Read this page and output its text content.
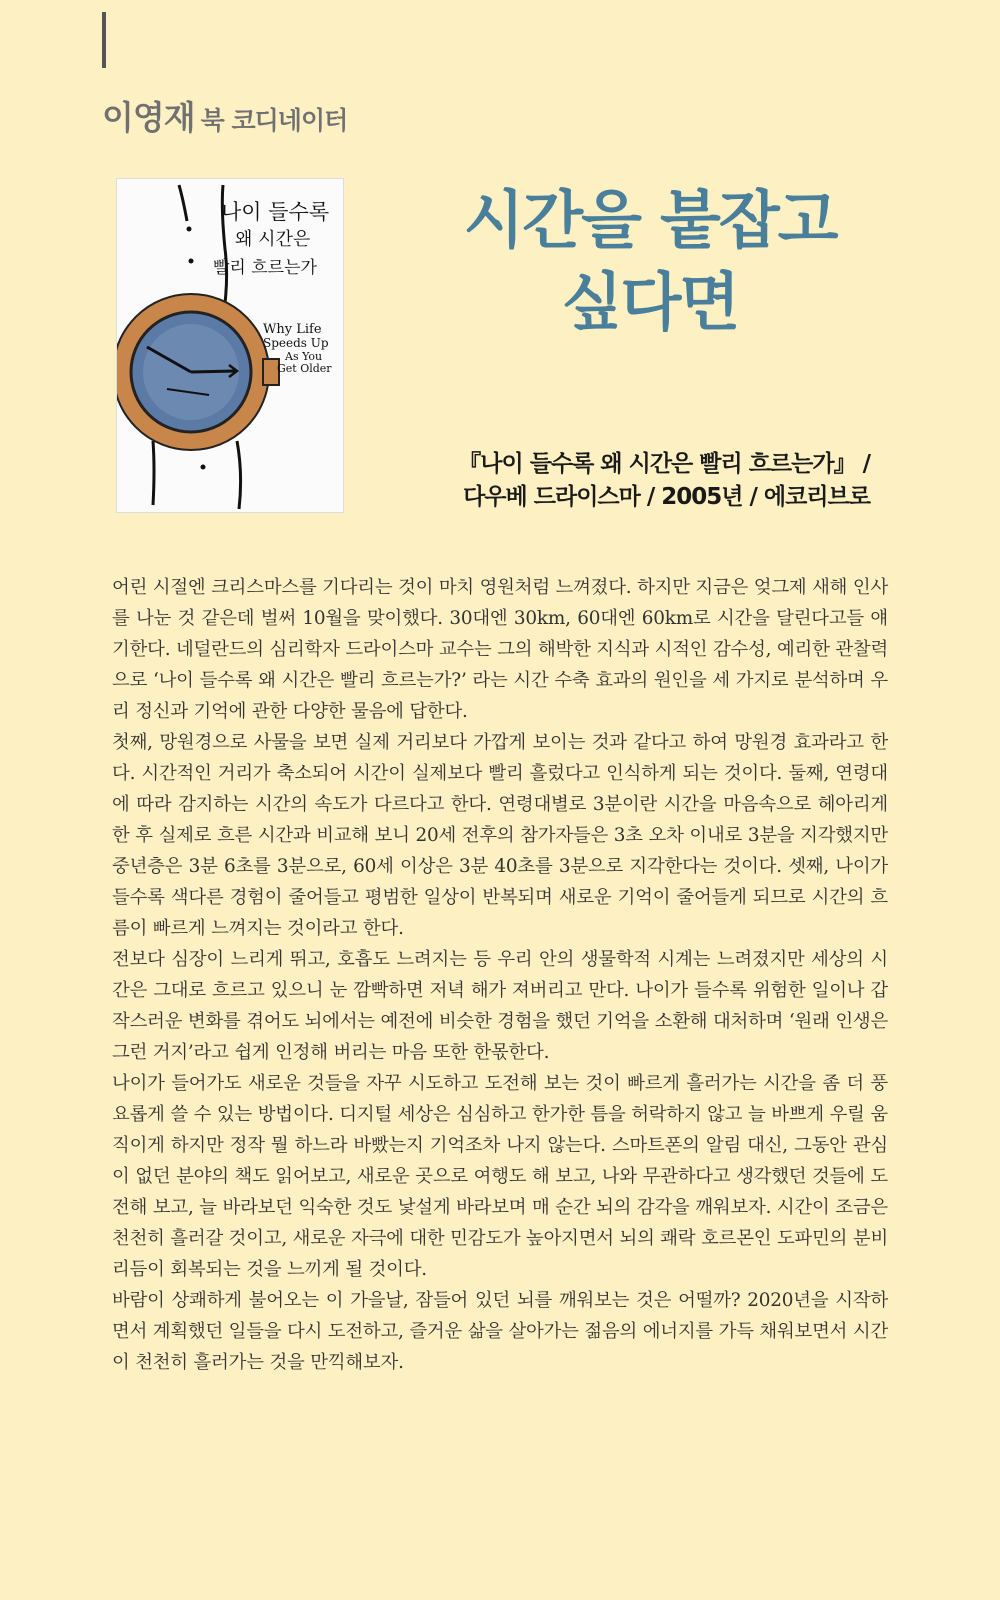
이영재 북 코디네이터
나이 들수록
왜 시간은
빨리 흐르는가
Why Life
Speeds Up
As You
Get Older
시간을 붙잡고
싶다면
『나이 들수록 왜 시간은 빨리 흐르는가』 /
다우베 드라이스마 / 2005년 / 에코리브로

어린 시절엔 크리스마스를 기다리는 것이 마치 영원처럼 느껴졌다. 하지만 지금은 엊그제 새해 인사를 나눈 것 같은데 벌써 10월을 맞이했다. 30대엔 30km, 60대엔 60km로 시간을 달린다고들 얘기한다. 네덜란드의 심리학자 드라이스마 교수는 그의 해박한 지식과 시적인 감수성, 예리한 관찰력으로 ‘나이 들수록 왜 시간은 빨리 흐르는가?’ 라는 시간 수축 효과의 원인을 세 가지로 분석하며 우리 정신과 기억에 관한 다양한 물음에 답한다.

첫째, 망원경으로 사물을 보면 실제 거리보다 가깝게 보이는 것과 같다고 하여 망원경 효과라고 한다. 시간적인 거리가 축소되어 시간이 실제보다 빨리 흘렀다고 인식하게 되는 것이다. 둘째, 연령대에 따라 감지하는 시간의 속도가 다르다고 한다. 연령대별로 3분이란 시간을 마음속으로 헤아리게 한 후 실제로 흐른 시간과 비교해 보니 20세 전후의 참가자들은 3초 오차 이내로 3분을 지각했지만 중년층은 3분 6초를 3분으로, 60세 이상은 3분 40초를 3분으로 지각한다는 것이다. 셋째, 나이가 들수록 색다른 경험이 줄어들고 평범한 일상이 반복되며 새로운 기억이 줄어들게 되므로 시간의 흐름이 빠르게 느껴지는 것이라고 한다.

전보다 심장이 느리게 뛰고, 호흡도 느려지는 등 우리 안의 생물학적 시계는 느려졌지만 세상의 시간은 그대로 흐르고 있으니 눈 깜빡하면 저녁 해가 져버리고 만다. 나이가 들수록 위험한 일이나 갑작스러운 변화를 겪어도 뇌에서는 예전에 비슷한 경험을 했던 기억을 소환해 대처하며 ‘원래 인생은 그런 거지’라고 쉽게 인정해 버리는 마음 또한 한몫한다.

나이가 들어가도 새로운 것들을 자꾸 시도하고 도전해 보는 것이 빠르게 흘러가는 시간을 좀 더 풍요롭게 쓸 수 있는 방법이다. 디지털 세상은 심심하고 한가한 틈을 허락하지 않고 늘 바쁘게 우릴 움직이게 하지만 정작 뭘 하느라 바빴는지 기억조차 나지 않는다. 스마트폰의 알림 대신, 그동안 관심이 없던 분야의 책도 읽어보고, 새로운 곳으로 여행도 해 보고, 나와 무관하다고 생각했던 것들에 도전해 보고, 늘 바라보던 익숙한 것도 낯설게 바라보며 매 순간 뇌의 감각을 깨워보자. 시간이 조금은 천천히 흘러갈 것이고, 새로운 자극에 대한 민감도가 높아지면서 뇌의 쾌락 호르몬인 도파민의 분비 리듬이 회복되는 것을 느끼게 될 것이다.

바람이 상쾌하게 불어오는 이 가을날, 잠들어 있던 뇌를 깨워보는 것은 어떨까? 2020년을 시작하면서 계획했던 일들을 다시 도전하고, 즐거운 삶을 살아가는 젊음의 에너지를 가득 채워보면서 시간이 천천히 흘러가는 것을 만끽해보자.
